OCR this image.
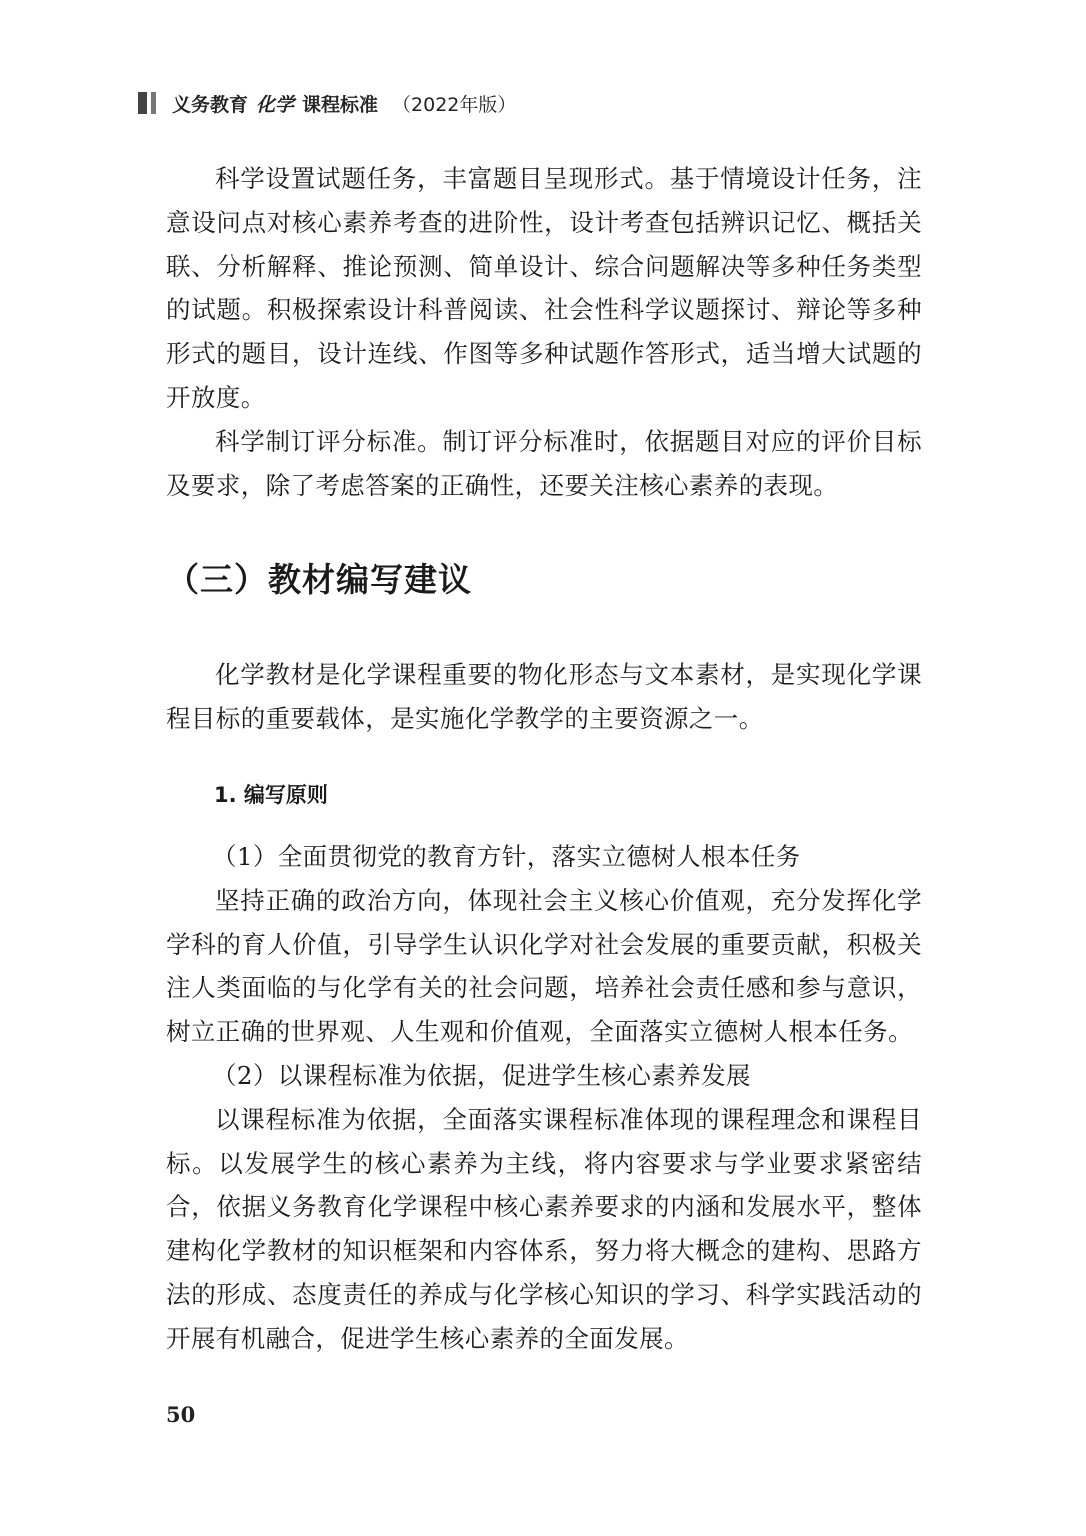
义务教育 化学 课程标准 （2022年版）

科学设置试题任务，丰富题目呈现形式。基于情境设计任务，注意设问点对核心素养考查的进阶性，设计考查包括辨识记忆、概括关联、分析解释、推论预测、简单设计、综合问题解决等多种任务类型的试题。积极探索设计科普阅读、社会性科学议题探讨、辩论等多种形式的题目，设计连线、作图等多种试题作答形式，适当增大试题的开放度。

科学制订评分标准。制订评分标准时，依据题目对应的评价目标及要求，除了考虑答案的正确性，还要关注核心素养的表现。

（三）教材编写建议

化学教材是化学课程重要的物化形态与文本素材，是实现化学课程目标的重要载体，是实施化学教学的主要资源之一。

1. 编写原则

（1）全面贯彻党的教育方针，落实立德树人根本任务

坚持正确的政治方向，体现社会主义核心价值观，充分发挥化学学科的育人价值，引导学生认识化学对社会发展的重要贡献，积极关注人类面临的与化学有关的社会问题，培养社会责任感和参与意识，树立正确的世界观、人生观和价值观，全面落实立德树人根本任务。

（2）以课程标准为依据，促进学生核心素养发展

以课程标准为依据，全面落实课程标准体现的课程理念和课程目标。以发展学生的核心素养为主线，将内容要求与学业要求紧密结合，依据义务教育化学课程中核心素养要求的内涵和发展水平，整体建构化学教材的知识框架和内容体系，努力将大概念的建构、思路方法的形成、态度责任的养成与化学核心知识的学习、科学实践活动的开展有机融合，促进学生核心素养的全面发展。

50
